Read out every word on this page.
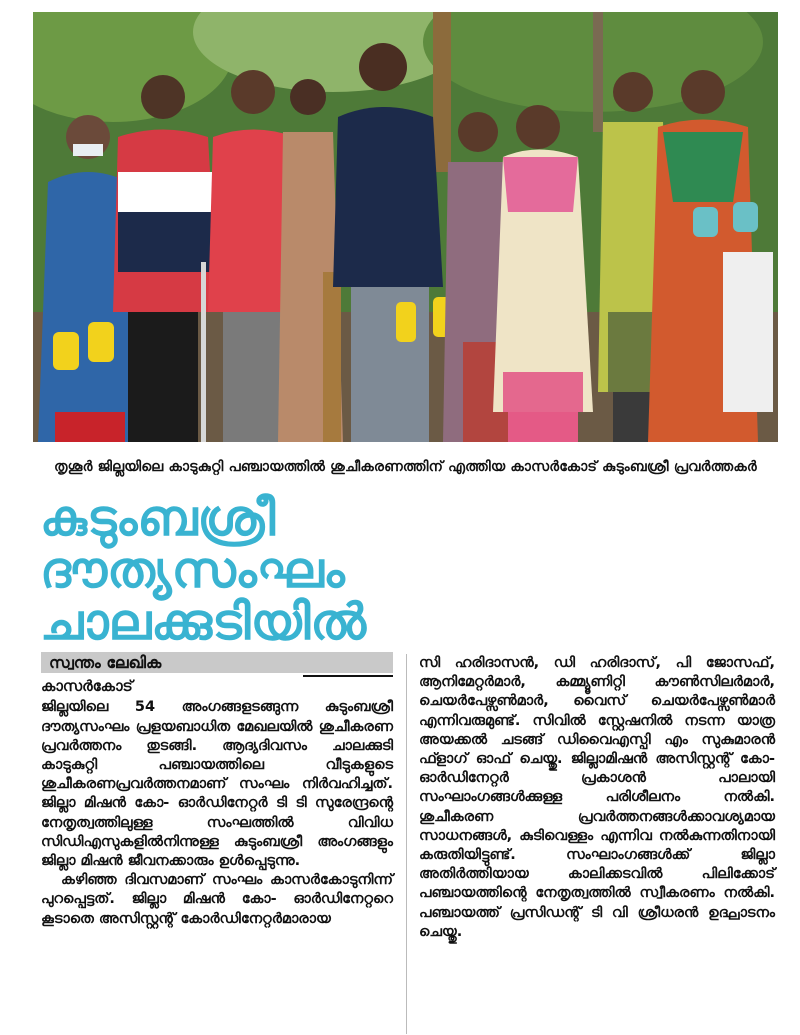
തൃശൂർ ജില്ലയിലെ കാടുകുറ്റി പഞ്ചായത്തിൽ ശുചീകരണത്തിന് എത്തിയ കാസർകോട് കുടുംബശ്രീ പ്രവർത്തകർ
കുടുംബശ്രീ
ദൗത്യസംഘം
ചാലക്കുടിയിൽ
സ്വന്തം ലേഖിക
കാസർകോട്
ജില്ലയിലെ 54 അംഗങ്ങളടങ്ങുന്ന കുടുംബശ്രീ ദൗത്യസംഘം പ്രളയബാധിത മേഖലയിൽ ശുചീകരണ പ്രവർത്തനം തുടങ്ങി. ആദ്യദിവസം ചാലക്കുടി കാടുകുറ്റി പഞ്ചായത്തിലെ വീടുകളുടെ ശുചീകരണപ്രവർത്തനമാണ് സംഘം നിർവഹിച്ചത്. ജില്ലാ മിഷൻ കോ- ഓർഡിനേറ്റർ ടി ടി സുരേന്ദ്രന്റെ നേതൃത്വത്തിലുള്ള സംഘത്തിൽ വിവിധ സിഡിഎസുകളിൽനിന്നുള്ള കുടുംബശ്രീ അംഗങ്ങളും ജില്ലാ മിഷൻ ജീവനക്കാരും ഉൾപ്പെടുന്നു.
കഴിഞ്ഞ ദിവസമാണ് സംഘം കാസർകോടുനിന്ന് പുറപ്പെട്ടത്. ജില്ലാ മിഷൻ കോ- ഓർഡിനേറ്ററെ കൂടാതെ അസിസ്റ്റന്റ് കോർഡിനേറ്റർമാരായ
സി ഹരിദാസൻ, ഡി ഹരിദാസ്, പി ജോസഫ്, ആനിമേറ്റർമാർ, കമ്മ്യൂണിറ്റി കൗൺസിലർമാർ, ചെയർപേഴ്സൺമാർ, വൈസ് ചെയർപേഴ്സൺമാർ എന്നിവരുമുണ്ട്. സിവിൽ സ്റ്റേഷനിൽ നടന്ന യാത്ര അയക്കൽ ചടങ്ങ് ഡിവൈഎസ്പി എം സുകുമാരൻ ഫ്ളാഗ് ഓഫ് ചെയ്തു. ജില്ലാമിഷൻ അസിസ്റ്റന്റ് കോ-ഓർഡിനേറ്റർ പ്രകാശൻ പാലായി സംഘാംഗങ്ങൾക്കുള്ള പരിശീലനം നൽകി. ശുചീകരണ പ്രവർത്തനങ്ങൾക്കാവശ്യമായ സാധനങ്ങൾ, കുടിവെള്ളം എന്നിവ നൽകുന്നതിനായി കരുതിയിട്ടുണ്ട്. സംഘാംഗങ്ങൾക്ക് ജില്ലാ അതിർത്തിയായ കാലിക്കടവിൽ പിലിക്കോട് പഞ്ചായത്തിന്റെ നേതൃത്വത്തിൽ സ്വീകരണം നൽകി. പഞ്ചായത്ത് പ്രസിഡന്റ് ടി വി ശ്രീധരൻ ഉദ്ഘാടനം ചെയ്തു.
